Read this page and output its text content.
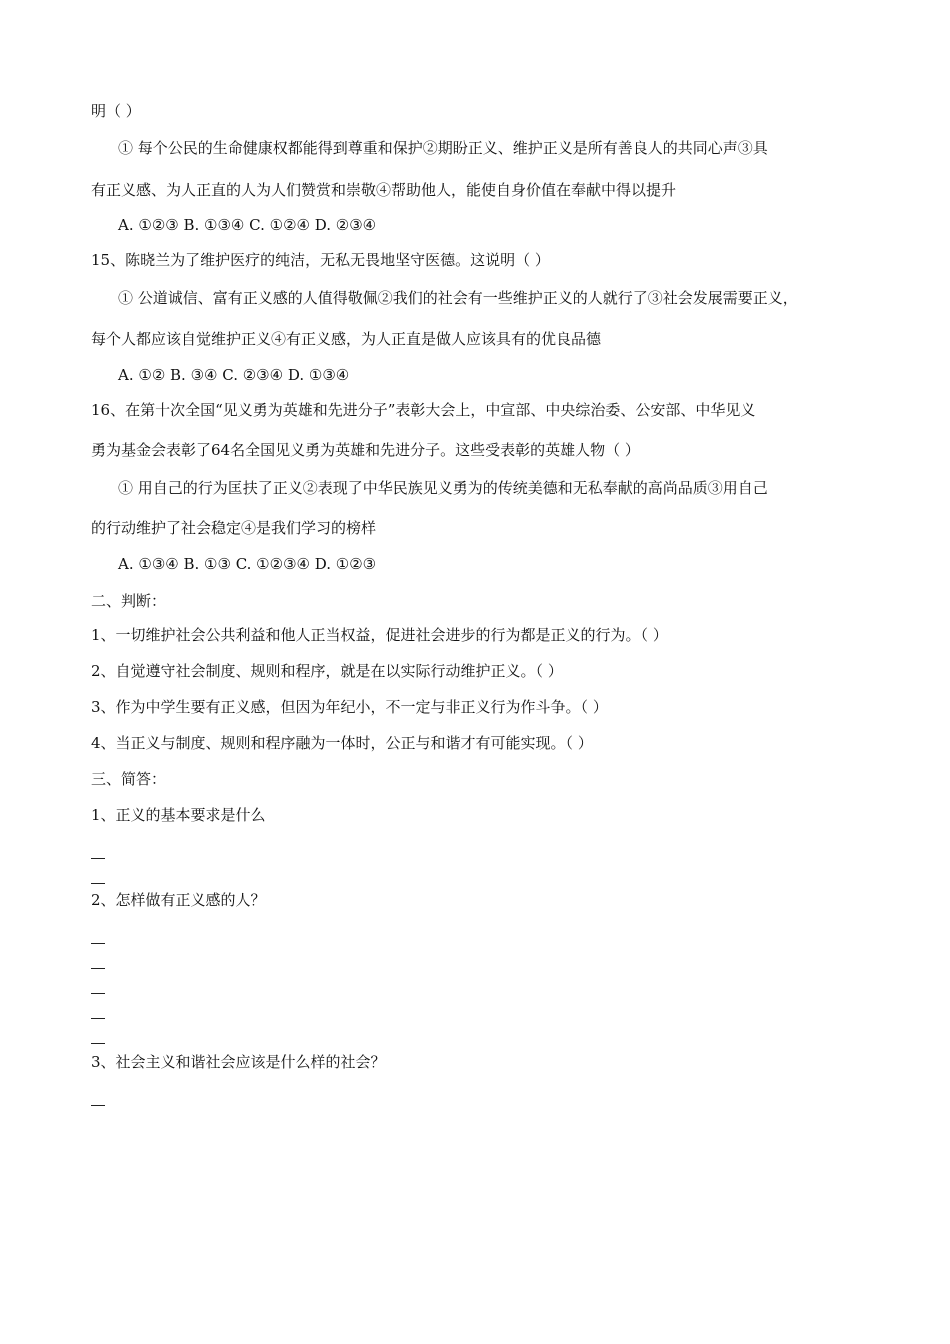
明（ ）
① 每个公民的生命健康权都能得到尊重和保护②期盼正义、维护正义是所有善良人的共同心声③具
有正义感、为人正直的人为人们赞赏和崇敬④帮助他人，能使自身价值在奉献中得以提升
A. ①②③ B. ①③④ C. ①②④ D. ②③④
15、陈晓兰为了维护医疗的纯洁，无私无畏地坚守医德。这说明（ ）
① 公道诚信、富有正义感的人值得敬佩②我们的社会有一些维护正义的人就行了③社会发展需要正义，
每个人都应该自觉维护正义④有正义感，为人正直是做人应该具有的优良品德
A. ①② B. ③④ C. ②③④ D. ①③④
16、在第十次全国“见义勇为英雄和先进分子”表彰大会上，中宣部、中央综治委、公安部、中华见义
勇为基金会表彰了64名全国见义勇为英雄和先进分子。这些受表彰的英雄人物（ ）
① 用自己的行为匡扶了正义②表现了中华民族见义勇为的传统美德和无私奉献的高尚品质③用自己
的行动维护了社会稳定④是我们学习的榜样
A. ①③④ B. ①③ C. ①②③④ D. ①②③
二、判断：
1、一切维护社会公共利益和他人正当权益，促进社会进步的行为都是正义的行为。（ ）
2、自觉遵守社会制度、规则和程序，就是在以实际行动维护正义。（ ）
3、作为中学生要有正义感，但因为年纪小，不一定与非正义行为作斗争。（ ）
4、当正义与制度、规则和程序融为一体时，公正与和谐才有可能实现。（ ）
三、简答：
1、正义的基本要求是什么
2、怎样做有正义感的人？
3、社会主义和谐社会应该是什么样的社会？
